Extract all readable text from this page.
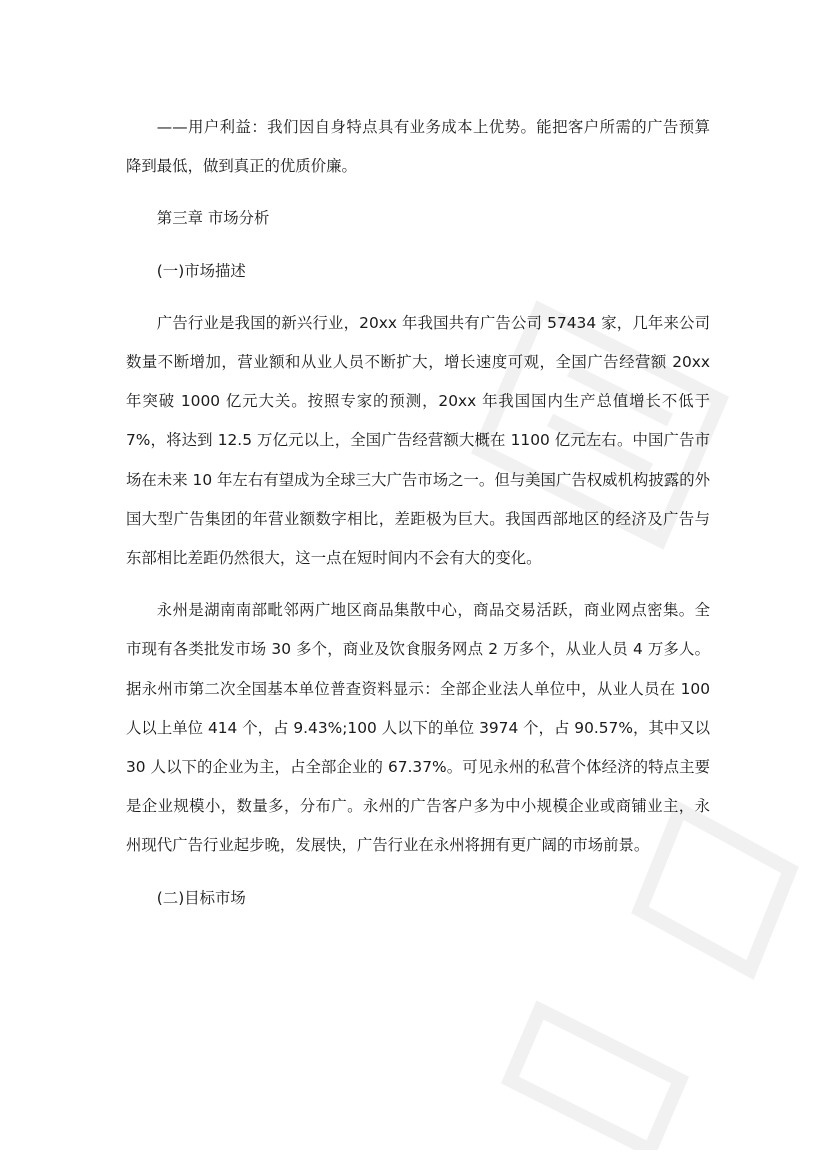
——用户利益：我们因自身特点具有业务成本上优势。能把客户所需的广告预算降到最低，做到真正的优质价廉。

第三章 市场分析

(一)市场描述

广告行业是我国的新兴行业，20xx 年我国共有广告公司 57434 家，几年来公司数量不断增加，营业额和从业人员不断扩大，增长速度可观，全国广告经营额 20xx 年突破 1000 亿元大关。按照专家的预测，20xx 年我国国内生产总值增长不低于 7%，将达到 12.5 万亿元以上，全国广告经营额大概在 1100 亿元左右。中国广告市场在未来 10 年左右有望成为全球三大广告市场之一。但与美国广告权威机构披露的外国大型广告集团的年营业额数字相比，差距极为巨大。我国西部地区的经济及广告与东部相比差距仍然很大，这一点在短时间内不会有大的变化。

永州是湖南南部毗邻两广地区商品集散中心，商品交易活跃，商业网点密集。全市现有各类批发市场 30 多个，商业及饮食服务网点 2 万多个，从业人员 4 万多人。据永州市第二次全国基本单位普查资料显示：全部企业法人单位中，从业人员在 100 人以上单位 414 个，占 9.43%;100 人以下的单位 3974 个，占 90.57%，其中又以 30 人以下的企业为主，占全部企业的 67.37%。可见永州的私营个体经济的特点主要是企业规模小，数量多，分布广。永州的广告客户多为中小规模企业或商铺业主，永州现代广告行业起步晚，发展快，广告行业在永州将拥有更广阔的市场前景。

(二)目标市场
